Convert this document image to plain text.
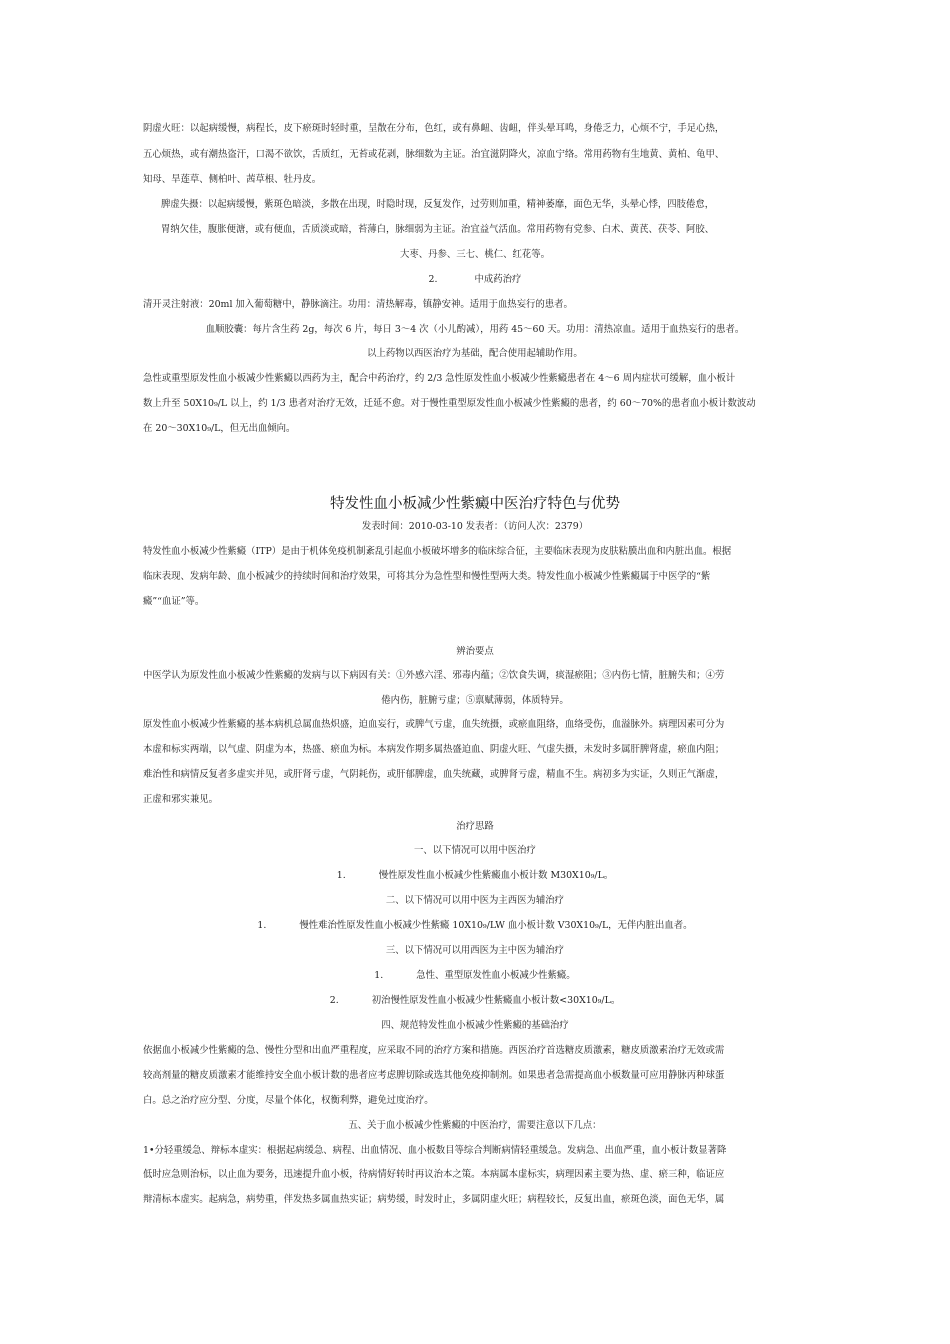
阴虚火旺：以起病缓慢，病程长，皮下瘀斑时轻时重，呈散在分布，色红，或有鼻衄、齿衄，伴头晕耳鸣，身倦乏力，心烦不宁，手足心热，

五心烦热，或有潮热盗汗，口渴不欲饮，舌质红，无苔或花剥，脉细数为主证。治宜滋阴降火，凉血宁络。常用药物有生地黄、黄柏、龟甲、

知母、旱莲草、侧柏叶、茜草根、牡丹皮。

脾虚失摄：以起病缓慢，紫斑色暗淡，多散在出现，时隐时现，反复发作，过劳则加重，精神萎靡，面色无华，头晕心悸，四肢倦怠，

胃纳欠佳，腹胀便溏，或有便血，舌质淡或暗，苔薄白，脉细弱为主证。治宜益气活血。常用药物有党参、白术、黄芪、茯苓、阿胶、

大枣、丹参、三七、桃仁、红花等。

2.	中成药治疗

清开灵注射液：20ml 加入葡萄糖中，静脉滴注。功用：清热解毒，镇静安神。适用于血热妄行的患者。

血顺胶囊：每片含生药 2g，每次 6 片，每日 3～4 次（小儿酌减），用药 45～60 天。功用：清热凉血。适用于血热妄行的患者。

以上药物以西医治疗为基础，配合使用起辅助作用。

急性或重型原发性血小板减少性紫癜以西药为主，配合中药治疗，约 2/3 急性原发性血小板减少性紫癜患者在 4～6 周内症状可缓解，血小板计

数上升至 50X10₉/L 以上，约 1/3 患者对治疗无效，迁延不愈。对于慢性重型原发性血小板减少性紫癜的患者，约 60～70%的患者血小板计数波动

在 20～30X10₉/L，但无出血倾向。

特发性血小板减少性紫癜中医治疗特色与优势

发表时间：2010-03-10 发表者：（访问人次：2379）

特发性血小板减少性紫癜（ITP）是由于机体免疫机制紊乱引起血小板破坏增多的临床综合征，主要临床表现为皮肤粘膜出血和内脏出血。根据

临床表现、发病年龄、血小板减少的持续时间和治疗效果，可将其分为急性型和慢性型两大类。特发性血小板减少性紫癜属于中医学的“紫

癜”“血证”等。

辨治要点

中医学认为原发性血小板减少性紫癜的发病与以下病因有关：①外感六淫、邪毒内蕴；②饮食失调，痰湿瘀阻；③内伤七情，脏腑失和；④劳

倦内伤，脏腑亏虚；⑤禀赋薄弱，体质特异。

原发性血小板减少性紫癜的基本病机总属血热炽盛，迫血妄行，或脾气亏虚，血失统摄，或瘀血阻络，血络受伤，血溢脉外。病理因素可分为

本虚和标实两端，以气虚、阴虚为本，热盛、瘀血为标。本病发作期多属热盛迫血、阴虚火旺、气虚失摄，未发时多属肝脾肾虚，瘀血内阻；

难治性和病情反复者多虚实并见，或肝肾亏虚，气阴耗伤，或肝郁脾虚，血失统藏，或脾肾亏虚，精血不生。病初多为实证，久则正气渐虚，

正虚和邪实兼见。

治疗思路

一、以下情况可以用中医治疗

1.	慢性原发性血小板减少性紫癜血小板计数 M30X10₉/L。

二、以下情况可以用中医为主西医为辅治疗

1.	慢性难治性原发性血小板减少性紫癜 10X10₉/LW 血小板计数 V30X10₉/L，无伴内脏出血者。

三、以下情况可以用西医为主中医为辅治疗

1.	急性、重型原发性血小板减少性紫癜。

2.	初治慢性原发性血小板减少性紫癜血小板计数<30X10₉/L。

四、规范特发性血小板减少性紫癜的基础治疗

依据血小板减少性紫癜的急、慢性分型和出血严重程度，应采取不同的治疗方案和措施。西医治疗首选糖皮质激素，糖皮质激素治疗无效或需

较高剂量的糖皮质激素才能维持安全血小板计数的患者应考虑脾切除或选其他免疫抑制剂。如果患者急需提高血小板数量可应用静脉丙种球蛋

白。总之治疗应分型、分度，尽量个体化，权衡利弊，避免过度治疗。

五、关于血小板减少性紫癜的中医治疗，需要注意以下几点：

1•分轻重缓急、辩标本虚实：根据起病缓急、病程、出血情况、血小板数目等综合判断病情轻重缓急。发病急、出血严重，血小板计数显著降

低时应急则治标，以止血为要务，迅速提升血小板，待病情好转时再议治本之策。本病属本虚标实，病理因素主要为热、虚、瘀三种，临证应

辩清标本虚实。起病急，病势重，伴发热多属血热实证；病势缓，时发时止，多属阴虚火旺；病程较长，反复出血，瘀斑色淡，面色无华，属
